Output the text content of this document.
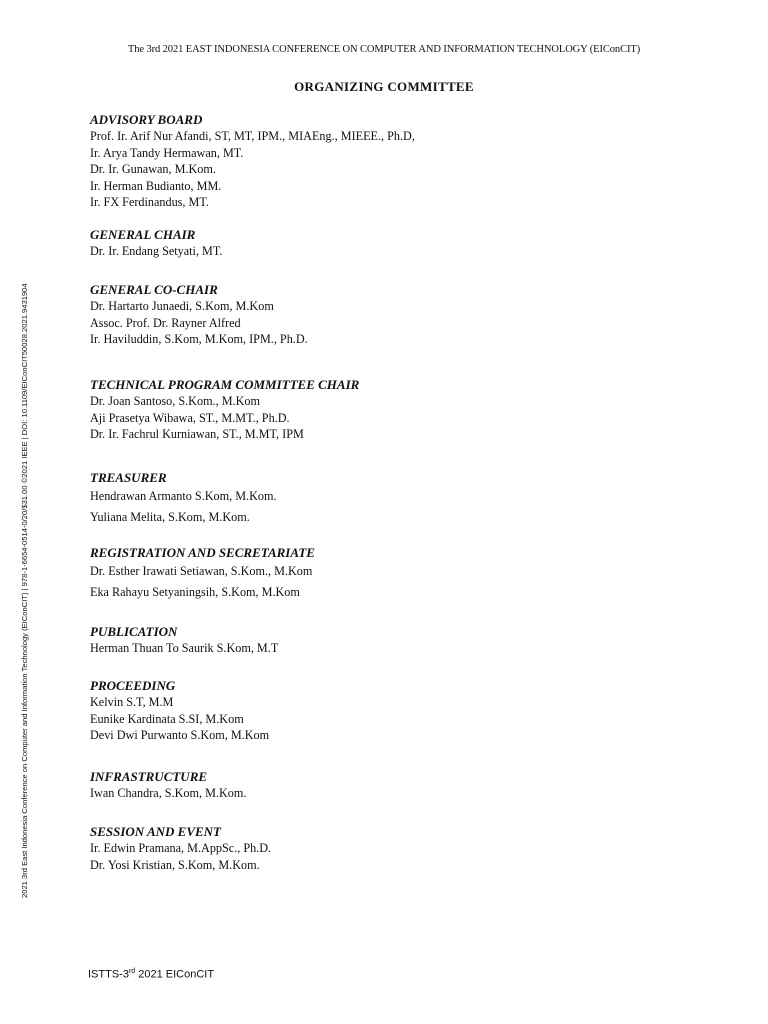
The 3rd 2021 EAST INDONESIA CONFERENCE ON COMPUTER AND INFORMATION TECHNOLOGY (EIConCIT)
ORGANIZING COMMITTEE
2021 3rd East Indonesia Conference on Computer and Information Technology (EIConCIT) | 978-1-6654-0514-0/20/$31.00 ©2021 IEEE | DOI: 10.1109/EIConCIT50028.2021.9431904
ADVISORY BOARD
Prof. Ir. Arif Nur Afandi, ST, MT, IPM., MIAEng., MIEEE., Ph.D,
Ir. Arya Tandy Hermawan, MT.
Dr. Ir. Gunawan, M.Kom.
Ir. Herman Budianto, MM.
Ir. FX Ferdinandus, MT.
GENERAL CHAIR
Dr. Ir. Endang Setyati, MT.
GENERAL CO-CHAIR
Dr. Hartarto Junaedi, S.Kom, M.Kom
Assoc. Prof. Dr. Rayner Alfred
Ir. Haviluddin, S.Kom, M.Kom, IPM., Ph.D.
TECHNICAL PROGRAM COMMITTEE CHAIR
Dr. Joan Santoso, S.Kom., M.Kom
Aji Prasetya Wibawa, ST., M.MT., Ph.D.
Dr. Ir. Fachrul Kurniawan, ST., M.MT, IPM
TREASURER
Hendrawan Armanto S.Kom, M.Kom.
Yuliana Melita, S.Kom, M.Kom.
REGISTRATION AND SECRETARIATE
Dr. Esther Irawati Setiawan, S.Kom., M.Kom
Eka Rahayu Setyaningsih, S.Kom, M.Kom
PUBLICATION
Herman Thuan To Saurik S.Kom, M.T
PROCEEDING
Kelvin S.T, M.M
Eunike Kardinata S.SI, M.Kom
Devi Dwi Purwanto S.Kom, M.Kom
INFRASTRUCTURE
Iwan Chandra, S.Kom, M.Kom.
SESSION AND EVENT
Ir. Edwin Pramana, M.AppSc., Ph.D.
Dr. Yosi Kristian, S.Kom, M.Kom.
ISTTS-3rd 2021 EIConCIT
